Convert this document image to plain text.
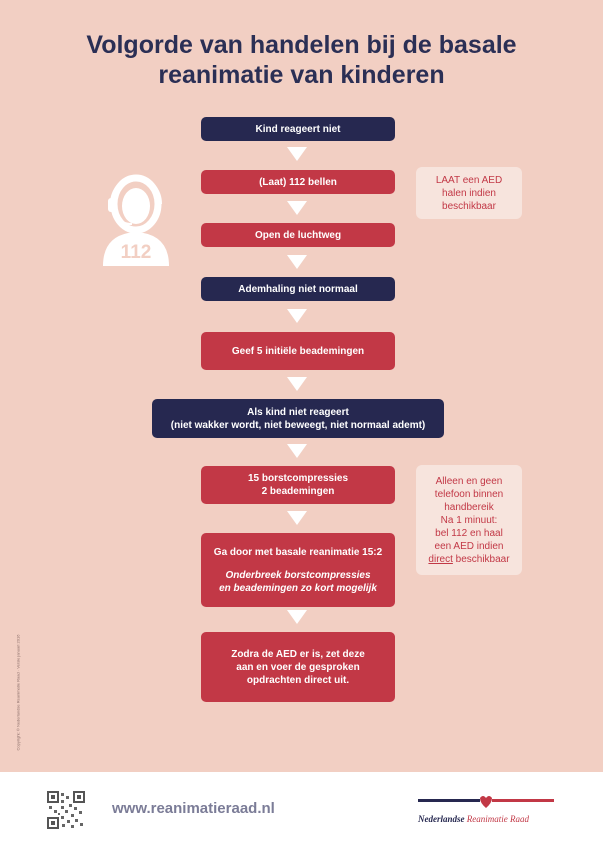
Volgorde van handelen bij de basale
reanimatie van kinderen
112
Kind reageert niet
(Laat) 112 bellen
Open de luchtweg
Ademhaling niet normaal
Geef 5 initiële beademingen
Als kind niet reageert
(niet wakker wordt, niet beweegt, niet normaal ademt)
15 borstcompressies
2 beademingen
Ga door met basale reanimatie 15:2
Onderbreek borstcompressies
en beademingen zo kort mogelijk
Zodra de AED er is, zet deze
aan en voer de gesproken
opdrachten direct uit.
LAAT een AED
halen indien
beschikbaar
Alleen en geen
telefoon binnen
handbereik
Na 1 minuut:
bel 112 en haal
een AED indien
direct beschikbaar
Copyright: © Nederlandse Reanimatie Raad · Versie januari 2016
www.reanimatieraad.nl
Nederlandse Reanimatie Raad
